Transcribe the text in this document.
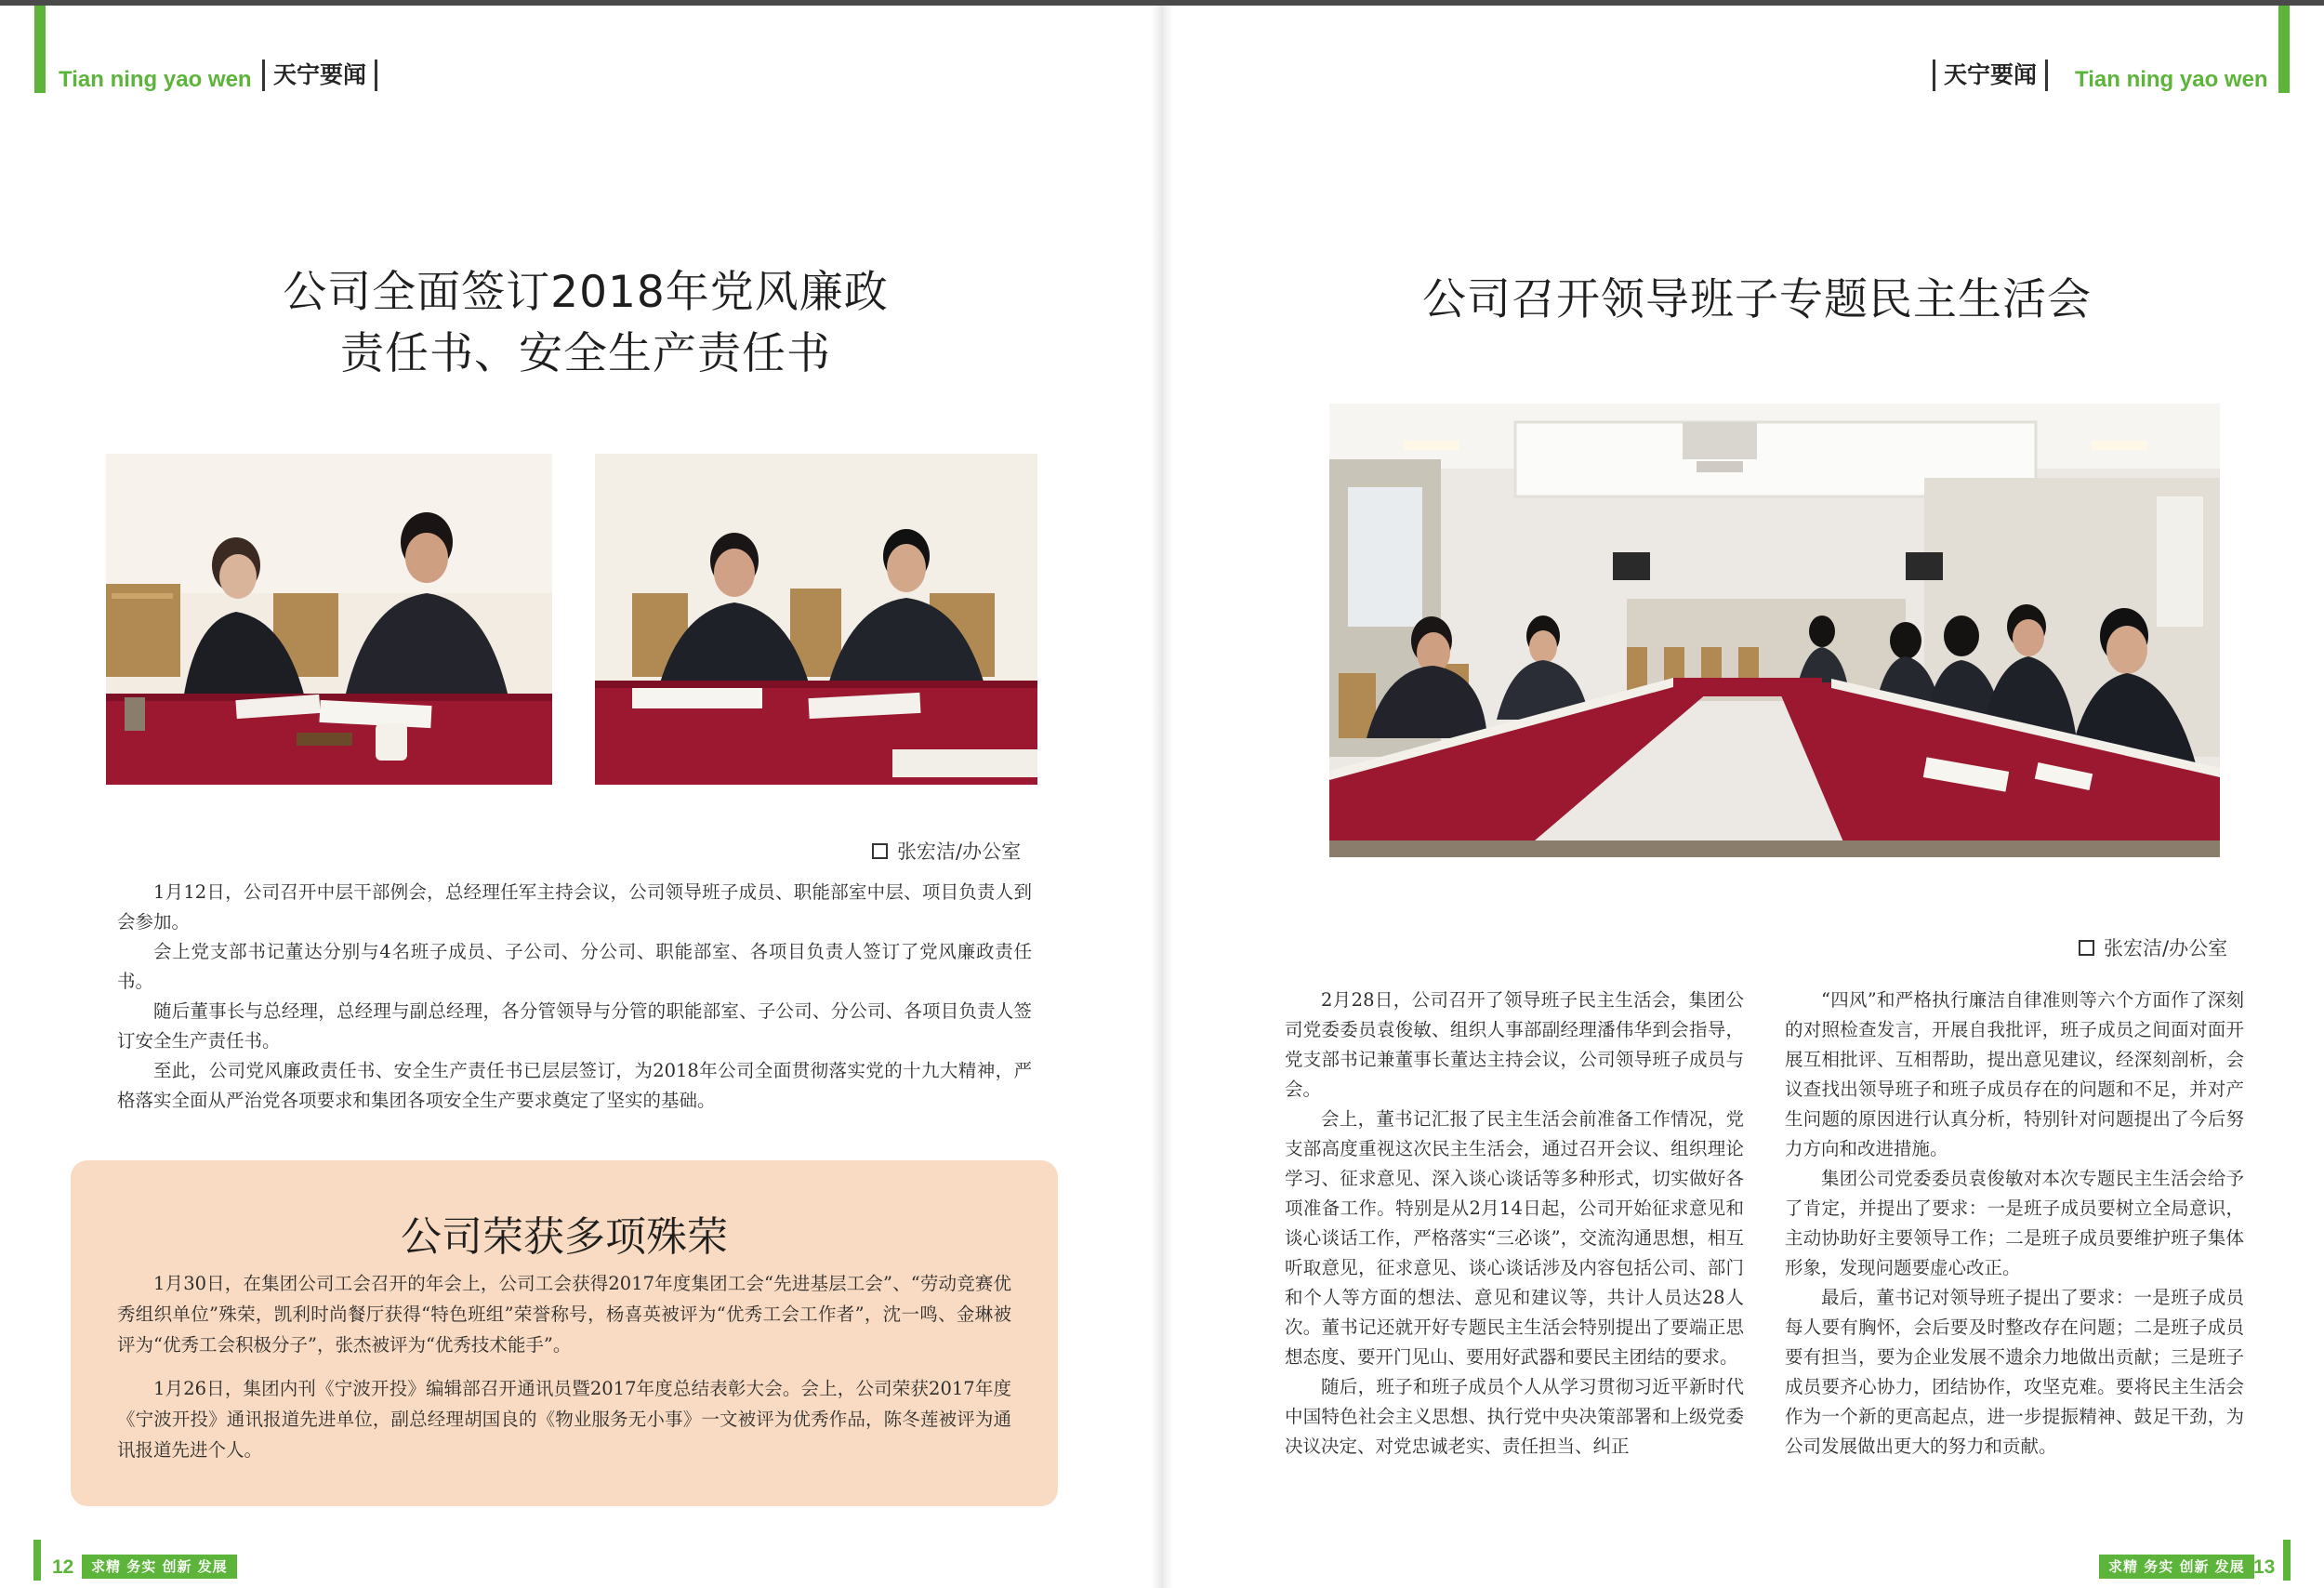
Tian ning yao wen 天宁要闻	天宁要闻	Tian ning yao wen
公司全面签订2018年党风廉政
责任书、安全生产责任书
张宏洁/办公室

1月12日，公司召开中层干部例会，总经理任军主持会议，公司领导班子成员、职能部室中层、项目负责人到会参加。

会上党支部书记董达分别与4名班子成员、子公司、分公司、职能部室、各项目负责人签订了党风廉政责任书。

随后董事长与总经理，总经理与副总经理，各分管领导与分管的职能部室、子公司、分公司、各项目负责人签订安全生产责任书。

至此，公司党风廉政责任书、安全生产责任书已层层签订，为2018年公司全面贯彻落实党的十九大精神，严格落实全面从严治党各项要求和集团各项安全生产要求奠定了坚实的基础。

公司荣获多项殊荣

1月30日，在集团公司工会召开的年会上，公司工会获得2017年度集团工会“先进基层工会”、“劳动竞赛优秀组织单位”殊荣，凯利时尚餐厅获得“特色班组”荣誉称号，杨喜英被评为“优秀工会工作者”，沈一鸣、金琳被评为“优秀工会积极分子”，张杰被评为“优秀技术能手”。

1月26日，集团内刊《宁波开投》编辑部召开通讯员暨2017年度总结表彰大会。会上，公司荣获2017年度《宁波开投》通讯报道先进单位，副总经理胡国良的《物业服务无小事》一文被评为优秀作品，陈冬莲被评为通讯报道先进个人。

公司召开领导班子专题民主生活会
张宏洁/办公室

2月28日，公司召开了领导班子民主生活会，集团公司党委委员袁俊敏、组织人事部副经理潘伟华到会指导，党支部书记兼董事长董达主持会议，公司领导班子成员与会。

会上，董书记汇报了民主生活会前准备工作情况，党支部高度重视这次民主生活会，通过召开会议、组织理论学习、征求意见、深入谈心谈话等多种形式，切实做好各项准备工作。特别是从2月14日起，公司开始征求意见和谈心谈话工作，严格落实“三必谈”，交流沟通思想，相互听取意见，征求意见、谈心谈话涉及内容包括公司、部门和个人等方面的想法、意见和建议等，共计人员达28人次。董书记还就开好专题民主生活会特别提出了要端正思想态度、要开门见山、要用好武器和要民主团结的要求。

随后，班子和班子成员个人从学习贯彻习近平新时代中国特色社会主义思想、执行党中央决策部署和上级党委决议决定、对党忠诚老实、责任担当、纠正

“四风”和严格执行廉洁自律准则等六个方面作了深刻的对照检查发言，开展自我批评，班子成员之间面对面开展互相批评、互相帮助，提出意见建议，经深刻剖析，会议查找出领导班子和班子成员存在的问题和不足，并对产生问题的原因进行认真分析，特别针对问题提出了今后努力方向和改进措施。

集团公司党委委员袁俊敏对本次专题民主生活会给予了肯定，并提出了要求：一是班子成员要树立全局意识，主动协助好主要领导工作；二是班子成员要维护班子集体形象，发现问题要虚心改正。

最后，董书记对领导班子提出了要求：一是班子成员每人要有胸怀，会后要及时整改存在问题；二是班子成员要有担当，要为企业发展不遗余力地做出贡献；三是班子成员要齐心协力，团结协作，攻坚克难。要将民主生活会作为一个新的更高起点，进一步提振精神、鼓足干劲，为公司发展做出更大的努力和贡献。

12	求精 务实 创新 发展	求精 务实 创新 发展 13
